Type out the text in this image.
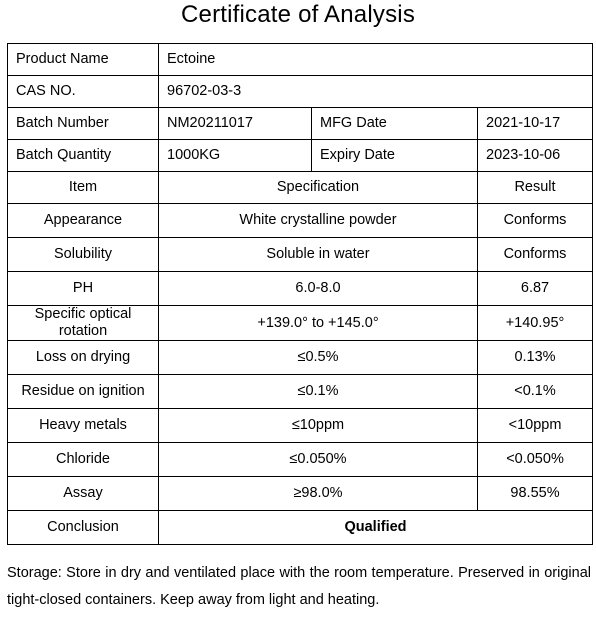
Certificate of Analysis
Product Name	Ectoine		
CAS NO.	96702-03-3		
Batch Number	NM20211017	MFG Date	2021-10-17
Batch Quantity	1000KG	Expiry Date	2023-10-06
Item	Specification		Result
Appearance	White crystalline powder		Conforms
Solubility	Soluble in water		Conforms
PH	6.0-8.0		6.87
Specific optical rotation	+139.0° to +145.0°		+140.95°
Loss on drying	≤0.5%		0.13%
Residue on ignition	≤0.1%		<0.1%
Heavy metals	≤10ppm		<10ppm
Chloride	≤0.050%		<0.050%
Assay	≥98.0%		98.55%
Conclusion	Qualified		
Storage: Store in dry and ventilated place with the room temperature. Preserved in original tight-closed containers. Keep away from light and heating.
